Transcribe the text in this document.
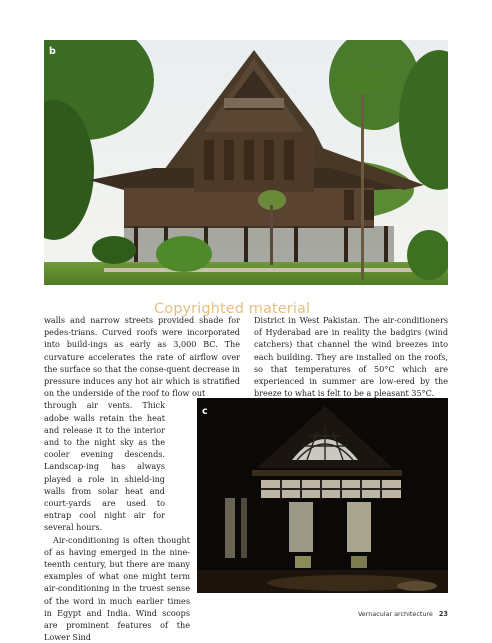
b

walls and narrow streets provided shade for pedes-trians. Curved roofs were incorporated into build-ings as early as 3,000 BC. The curvature accelerates the rate of airflow over the surface so that the conse-quent decrease in pressure induces any hot air which is stratified on the underside of the roof to flow out
through air vents. Thick adobe walls retain the heat and release it to the interior and to the night sky as the cooler evening descends. Landscap-ing has always played a role in shield-ing walls from solar heat and court-yards are used to entrap cool night air for several hours.

Air-conditioning is often thought of as having emerged in the nine-teenth century, but there are many examples of what one might term air-conditioning in the truest sense of the word in much earlier times in Egypt and India. Wind scoops are prominent features of the Lower Sind

District in West Pakistan. The air-conditioners of Hyderabad are in reality the badgirs (wind catchers) that channel the wind breezes into each building. They are installed on the roofs, so that temperatures of 50°C which are experienced in summer are low-ered by the breeze to what is felt to be a pleasant 35°C.

Copyrighted material
c
Vernacular architecture 23
